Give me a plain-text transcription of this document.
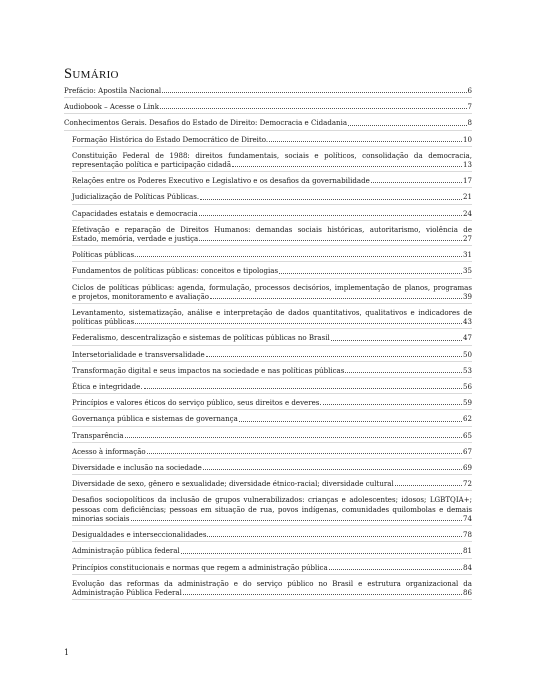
SUMÁRIO
Prefácio: Apostila Nacional	6
Audiobook – Acesse o Link	7
Conhecimentos Gerais. Desafios do Estado de Direito: Democracia e Cidadania	8
Formação Histórica do Estado Democrático de Direito.	10
Constituição Federal de 1988: direitos fundamentais, sociais e políticos, consolidação da democracia,
representação política e participação cidadã	13
Relações entre os Poderes Executivo e Legislativo e os desafios da governabilidade	17
Judicialização de Políticas Públicas.	21
Capacidades estatais e democracia	24
Efetivação e reparação de Direitos Humanos: demandas sociais históricas, autoritarismo, violência de
Estado, memória, verdade e justiça	27
Políticas públicas.	31
Fundamentos de políticas públicas: conceitos e tipologias	35
Ciclos de políticas públicas: agenda, formulação, processos decisórios, implementação de planos, programas
e projetos, monitoramento e avaliação	39
Levantamento, sistematização, análise e interpretação de dados quantitativos, qualitativos e indicadores de
políticas públicas	43
Federalismo, descentralização e sistemas de políticas públicas no Brasil	47
Intersetorialidade e transversalidade	50
Transformação digital e seus impactos na sociedade e nas políticas públicas	53
Ética e integridade.	56
Princípios e valores éticos do serviço público, seus direitos e deveres.	59
Governança pública e sistemas de governança	62
Transparência	65
Acesso à informação	67
Diversidade e inclusão na sociedade	69
Diversidade de sexo, gênero e sexualidade; diversidade étnico-racial; diversidade cultural	72
Desafios sociopolíticos da inclusão de grupos vulnerabilizados: crianças e adolescentes; idosos; LGBTQIA+;
pessoas com deficiências; pessoas em situação de rua, povos indígenas, comunidades quilombolas e demais
minorias sociais	74
Desigualdades e interseccionalidades	78
Administração pública federal	81
Princípios constitucionais e normas que regem a administração pública	84
Evolução das reformas da administração e do serviço público no Brasil e estrutura organizacional da
Administração Pública Federal	86
1
